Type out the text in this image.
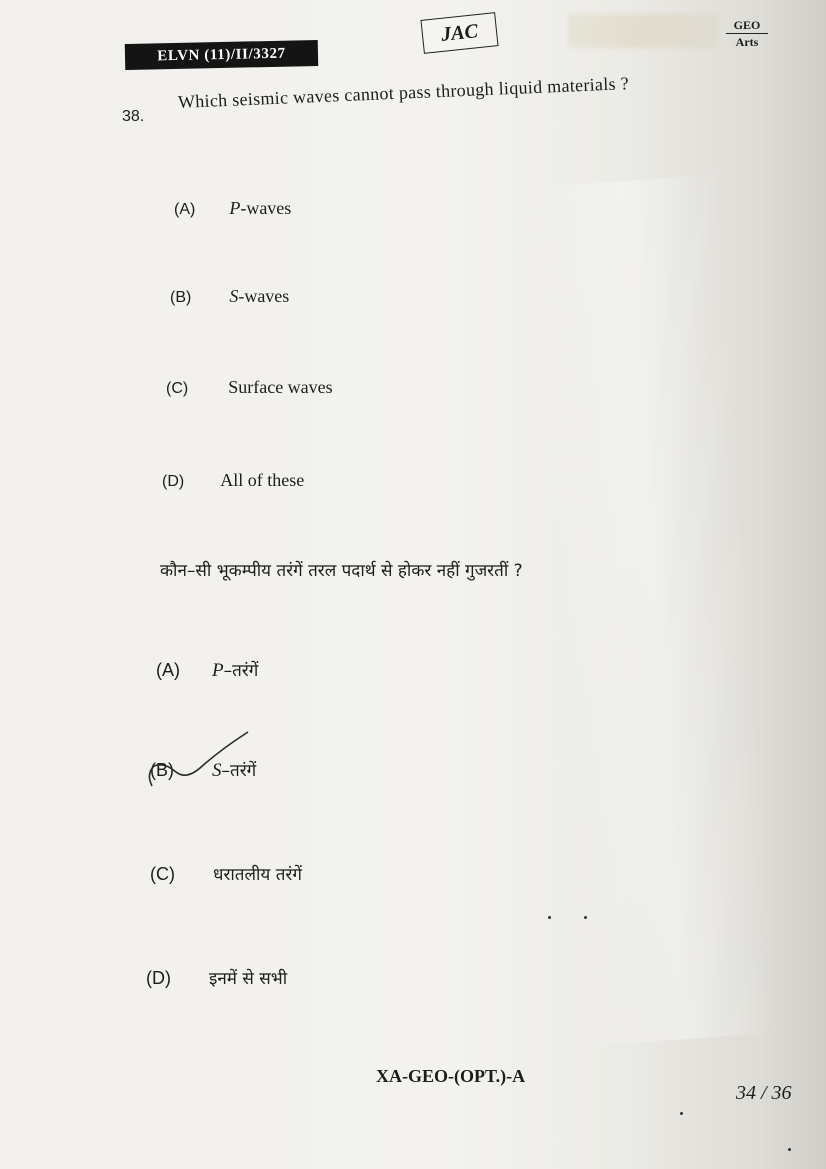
ELVN (11)/II/3327
JAC	GEO
Arts
38.
Which seismic waves cannot pass through liquid materials ?
(A) P-waves
(B) S-waves
(C) Surface waves
(D) All of these
कौन–सी भूकम्पीय तरंगें तरल पदार्थ से होकर नहीं गुजरतीं ?
(A) P–तरंगें
(B) S–तरंगें
(C) धरातलीय तरंगें
(D) इनमें से सभी
XA-GEO-(OPT.)-A
34 / 36
